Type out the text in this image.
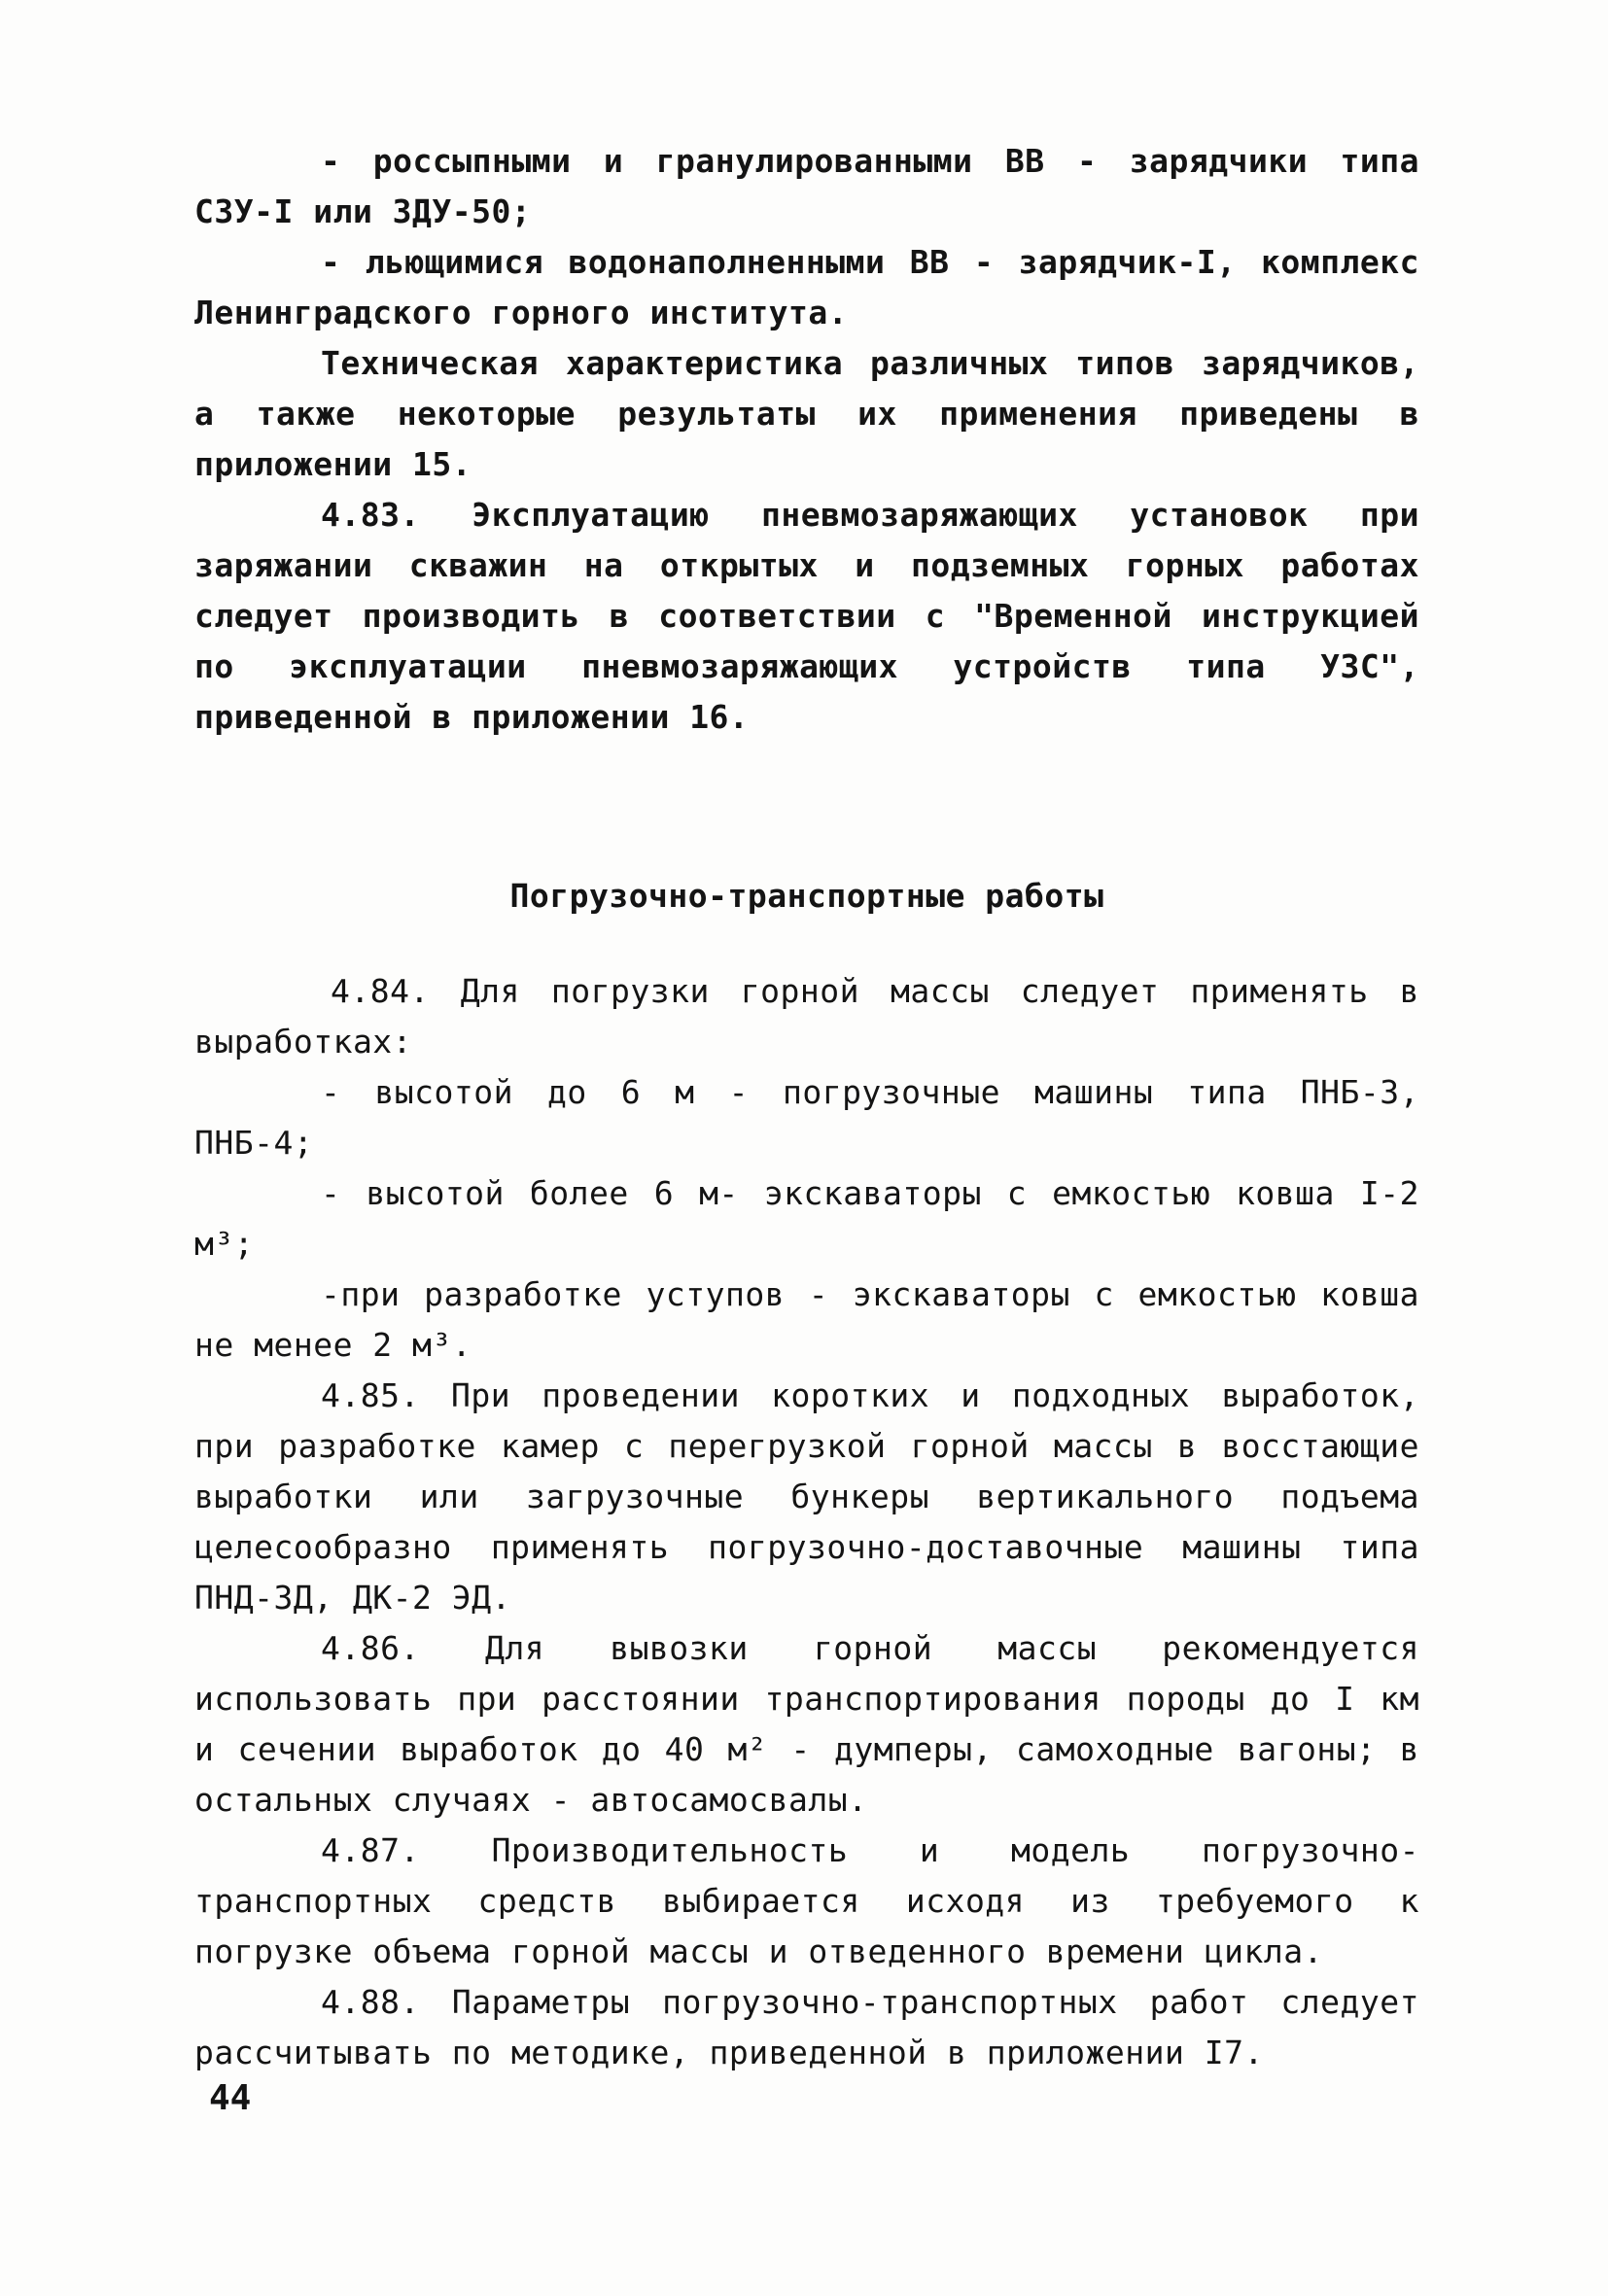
- россыпными и гранулированными ВВ - зарядчики типа СЗУ-I или ЗДУ-50;

- льющимися водонаполненными ВВ - зарядчик-I, комплекс Ленинградского горного института.

Техническая характеристика различных типов зарядчиков, а также некоторые результаты их применения приведены в приложении 15.

4.83. Эксплуатацию пневмозаряжающих установок при заряжании скважин на открытых и подземных горных работах следует производить в соответствии с "Временной инструкцией по эксплуатации пневмозаряжающих устройств типа УЗС", приведенной в приложении 16.

Погрузочно-транспортные работы

4.84. Для погрузки горной массы следует применять в выработках:

- высотой до 6 м - погрузочные машины типа ПНБ-3, ПНБ-4;

- высотой более 6 м- экскаваторы с емкостью ковша I-2 м³;

-при разработке уступов - экскаваторы с емкостью ковша не менее 2 м³.

4.85. При проведении коротких и подходных выработок, при разработке камер с перегрузкой горной массы в восстающие выработки или загрузочные бункеры вертикального подъема целесообразно применять погрузочно-доставочные машины типа ПНД-3Д, ДК-2 ЭД.

4.86. Для вывозки горной массы рекомендуется использовать при расстоянии транспортирования породы до I км и сечении выработок до 40 м² - думперы, самоходные вагоны; в остальных случаях - автосамосвалы.

4.87. Производительность и модель погрузочно-транспортных средств выбирается исходя из требуемого к погрузке объема горной массы и отведенного времени цикла.

4.88. Параметры погрузочно-транспортных работ следует рассчитывать по методике, приведенной в приложении I7.

44
